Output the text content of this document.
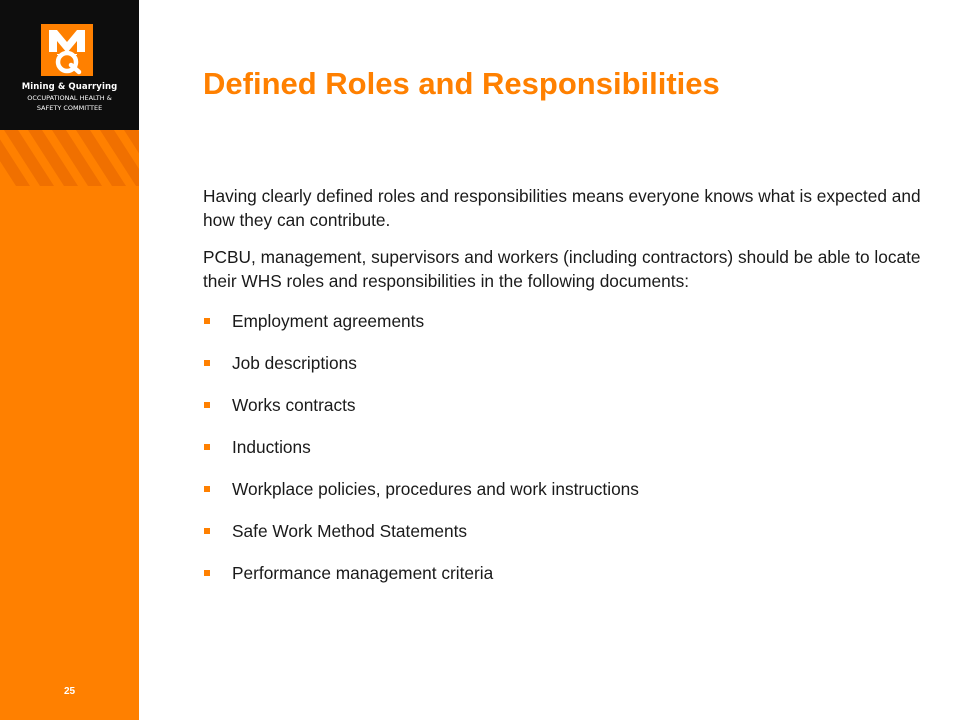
Mining & Quarrying
OCCUPATIONAL HEALTH &
SAFETY COMMITTEE
25
Defined Roles and Responsibilities

Having clearly defined roles and responsibilities means everyone knows what is expected and how they can contribute.

PCBU, management, supervisors and workers (including contractors) should be able to locate their WHS roles and responsibilities in the following documents:

Employment agreements
Job descriptions
Works contracts
Inductions
Workplace policies, procedures and work instructions
Safe Work Method Statements
Performance management criteria
